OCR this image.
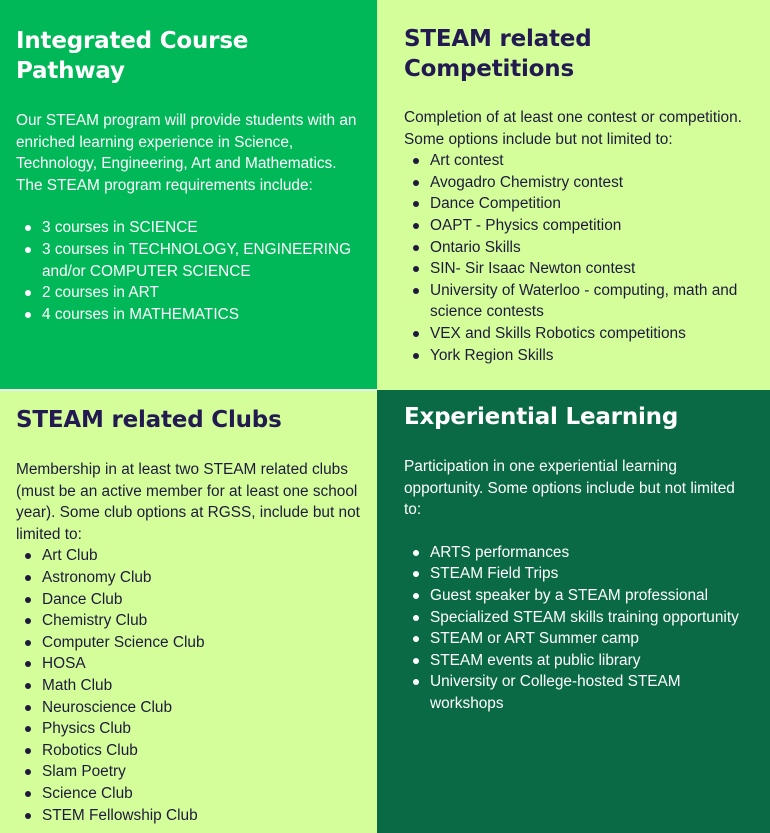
Integrated Course Pathway

Our STEAM program will provide students with an enriched learning experience in Science, Technology, Engineering, Art and Mathematics. The STEAM program requirements include:

3 courses in SCIENCE
3 courses in TECHNOLOGY, ENGINEERING and/or COMPUTER SCIENCE
2 courses in ART
4 courses in MATHEMATICS
STEAM related Competitions

Completion of at least one contest or competition. Some options include but not limited to:

Art contest
Avogadro Chemistry contest
Dance Competition
OAPT - Physics competition
Ontario Skills
SIN- Sir Isaac Newton contest
University of Waterloo - computing, math and science contests
VEX and Skills Robotics competitions
York Region Skills
STEAM related Clubs

Membership in at least two STEAM related clubs (must be an active member for at least one school year). Some club options at RGSS, include but not limited to:

Art Club
Astronomy Club
Dance Club
Chemistry Club
Computer Science Club
HOSA
Math Club
Neuroscience Club
Physics Club
Robotics Club
Slam Poetry
Science Club
STEM Fellowship Club
Experiential Learning

Participation in one experiential learning opportunity. Some options include but not limited to:

ARTS performances
STEAM Field Trips
Guest speaker by a STEAM professional
Specialized STEAM skills training opportunity
STEAM or ART Summer camp
STEAM events at public library
University or College-hosted STEAM workshops
